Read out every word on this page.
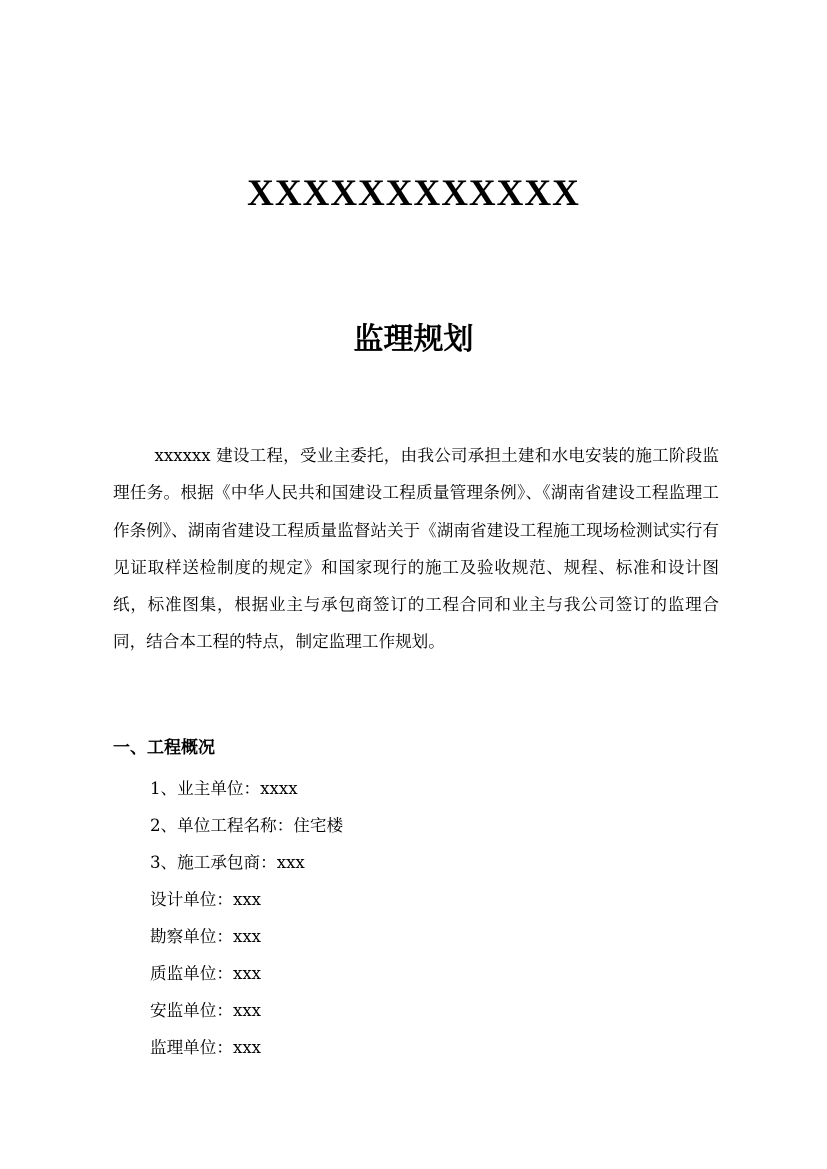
XXXXXXXXXXXX
监理规划

xxxxxx 建设工程，受业主委托，由我公司承担土建和水电安装的施工阶段监理任务。根据《中华人民共和国建设工程质量管理条例》、《湖南省建设工程监理工作条例》、湖南省建设工程质量监督站关于《湖南省建设工程施工现场检测试实行有见证取样送检制度的规定》和国家现行的施工及验收规范、规程、标准和设计图纸，标准图集，根据业主与承包商签订的工程合同和业主与我公司签订的监理合同，结合本工程的特点，制定监理工作规划。

一、工程概况
1、业主单位：xxxx
2、单位工程名称：住宅楼
3、施工承包商：xxx
设计单位：xxx
勘察单位：xxx
质监单位：xxx
安监单位：xxx
监理单位：xxx
